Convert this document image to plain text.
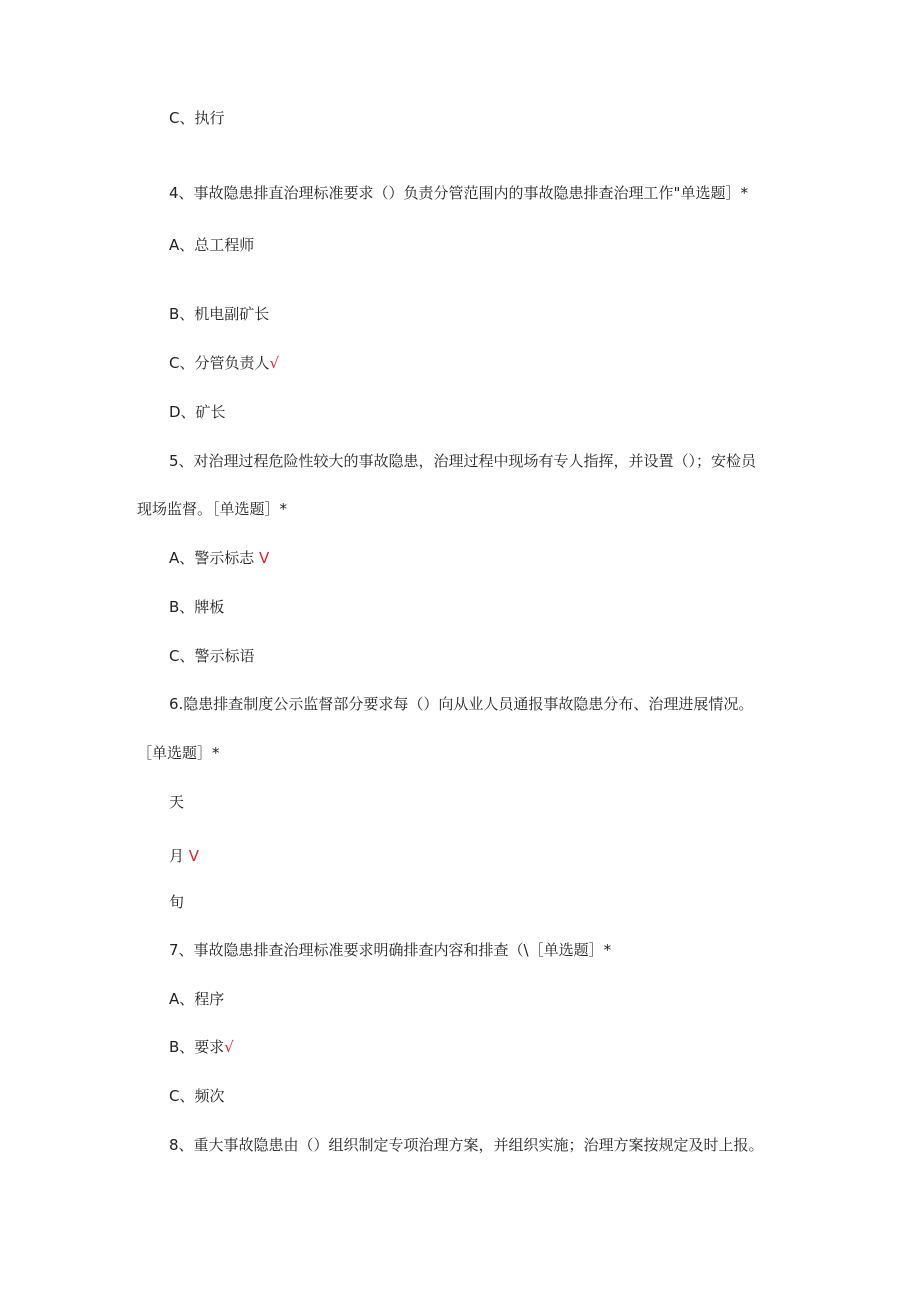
C、执行
4、事故隐患排直治理标准要求（）负责分管范围内的事故隐患排查治理工作"单选题］*
A、总工程师
B、机电副矿长
C、分管负责人√
D、矿长
5、对治理过程危险性较大的事故隐患，治理过程中现场有专人指挥，并设置（）；安检员
现场监督。［单选题］*
A、警示标志 V
B、牌板
C、警示标语
6.隐患排查制度公示监督部分要求每（）向从业人员通报事故隐患分布、治理进展情况。
［单选题］*
天
月 V
旬
7、事故隐患排查治理标准要求明确排查内容和排查（\［单选题］*
A、程序
B、要求√
C、频次
8、重大事故隐患由（）组织制定专项治理方案，并组织实施；治理方案按规定及时上报。
